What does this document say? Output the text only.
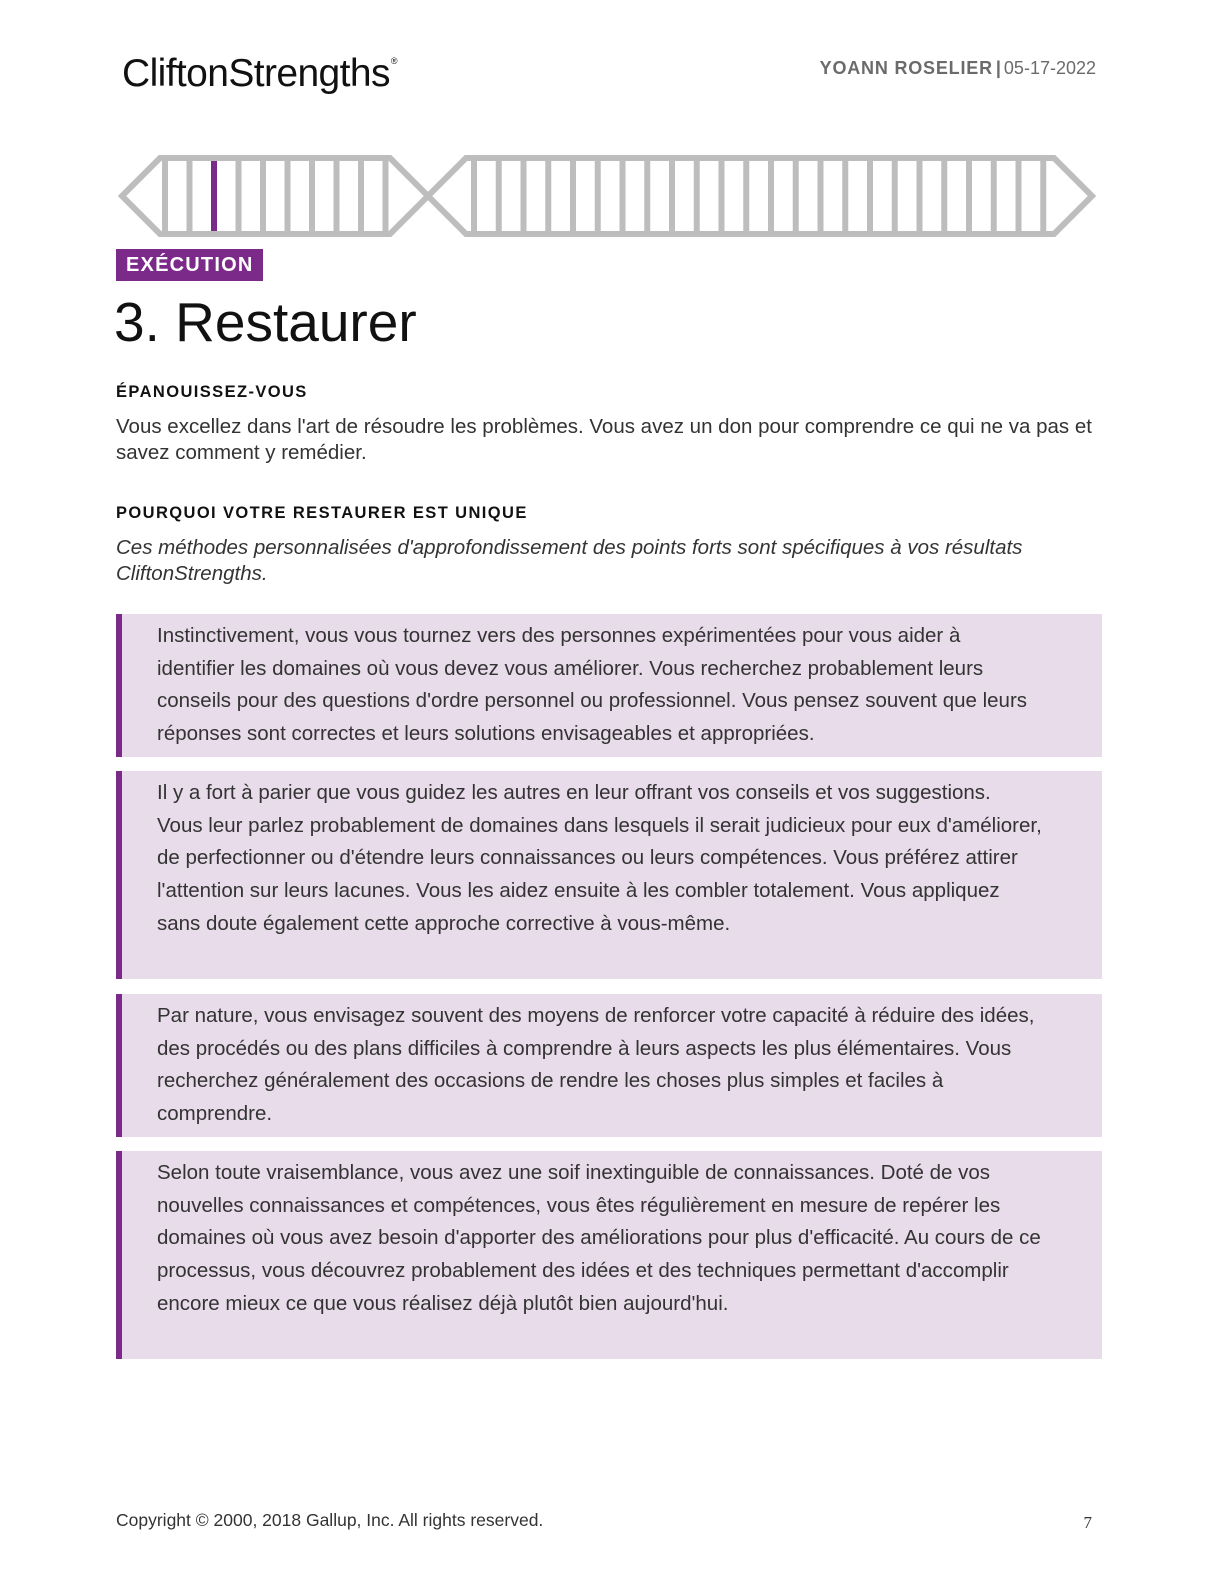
CliftonStrengths®	YOANN ROSELIER | 05-17-2022
EXÉCUTION
3. Restaurer
ÉPANOUISSEZ-VOUS

Vous excellez dans l'art de résoudre les problèmes. Vous avez un don pour comprendre ce qui ne va pas et savez comment y remédier.

POURQUOI VOTRE RESTAURER EST UNIQUE

Ces méthodes personnalisées d'approfondissement des points forts sont spécifiques à vos résultats CliftonStrengths.

Instinctivement, vous vous tournez vers des personnes expérimentées pour vous aider à identifier les domaines où vous devez vous améliorer. Vous recherchez probablement leurs conseils pour des questions d'ordre personnel ou professionnel. Vous pensez souvent que leurs réponses sont correctes et leurs solutions envisageables et appropriées.
Il y a fort à parier que vous guidez les autres en leur offrant vos conseils et vos suggestions. Vous leur parlez probablement de domaines dans lesquels il serait judicieux pour eux d'améliorer, de perfectionner ou d'étendre leurs connaissances ou leurs compétences. Vous préférez attirer l'attention sur leurs lacunes. Vous les aidez ensuite à les combler totalement. Vous appliquez sans doute également cette approche corrective à vous-même.
Par nature, vous envisagez souvent des moyens de renforcer votre capacité à réduire des idées, des procédés ou des plans difficiles à comprendre à leurs aspects les plus élémentaires. Vous recherchez généralement des occasions de rendre les choses plus simples et faciles à comprendre.
Selon toute vraisemblance, vous avez une soif inextinguible de connaissances. Doté de vos nouvelles connaissances et compétences, vous êtes régulièrement en mesure de repérer les domaines où vous avez besoin d'apporter des améliorations pour plus d'efficacité. Au cours de ce processus, vous découvrez probablement des idées et des techniques permettant d'accomplir encore mieux ce que vous réalisez déjà plutôt bien aujourd'hui.
Copyright © 2000, 2018 Gallup, Inc. All rights reserved.	7
